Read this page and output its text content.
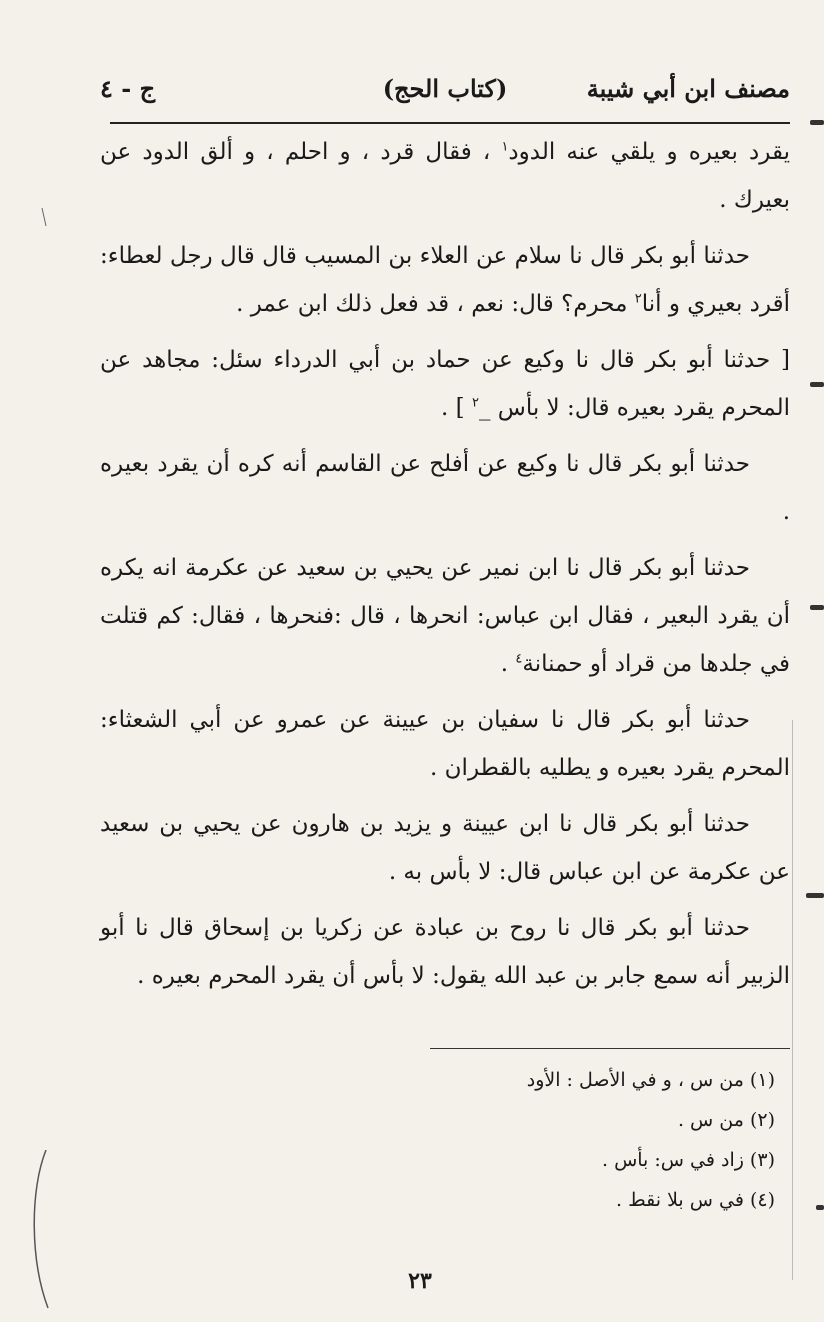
مصنف ابن أبي شيبة
(كتاب الحج)
ج - ٤

يقرد بعيره و يلقي عنه الدود$^١$ ، فقال قرد ، و احلم ، و ألق الدود عن بعيرك .

حدثنا أبو بكر قال نا سلام عن العلاء بن المسيب قال قال رجل لعطاء: أقرد بعيري و أنا$^٢$ محرم؟ قال: نعم ، قد فعل ذلك ابن عمر .

[ حدثنا أبو بكر قال نا وكيع عن حماد بن أبي الدرداء سئل: مجاهد عن المحرم يقرد بعيره قال: لا بأس _$^٢$ ] .

حدثنا أبو بكر قال نا وكيع عن أفلح عن القاسم أنه كره أن يقرد بعيره .

حدثنا أبو بكر قال نا ابن نمير عن يحيي بن سعيد عن عكرمة انه يكره أن يقرد البعير ، فقال ابن عباس: انحرها ، قال :فنحرها ، فقال: كم قتلت في جلدها من قراد أو حمنانة$^٤$ .

حدثنا أبو بكر قال نا سفيان بن عيينة عن عمرو عن أبي الشعثاء: المحرم يقرد بعيره و يطليه بالقطران .

حدثنا أبو بكر قال نا ابن عيينة و يزيد بن هارون عن يحيي بن سعيد عن عكرمة عن ابن عباس قال: لا بأس به .

حدثنا أبو بكر قال نا روح بن عبادة عن زكريا بن إسحاق قال نا أبو الزبير أنه سمع جابر بن عبد الله يقول: لا بأس أن يقرد المحرم بعيره .

(١) من س ، و في الأصل : الأود

(٢) من س .

(٣) زاد في س: بأس .

(٤) في س بلا نقط .

٢٣
